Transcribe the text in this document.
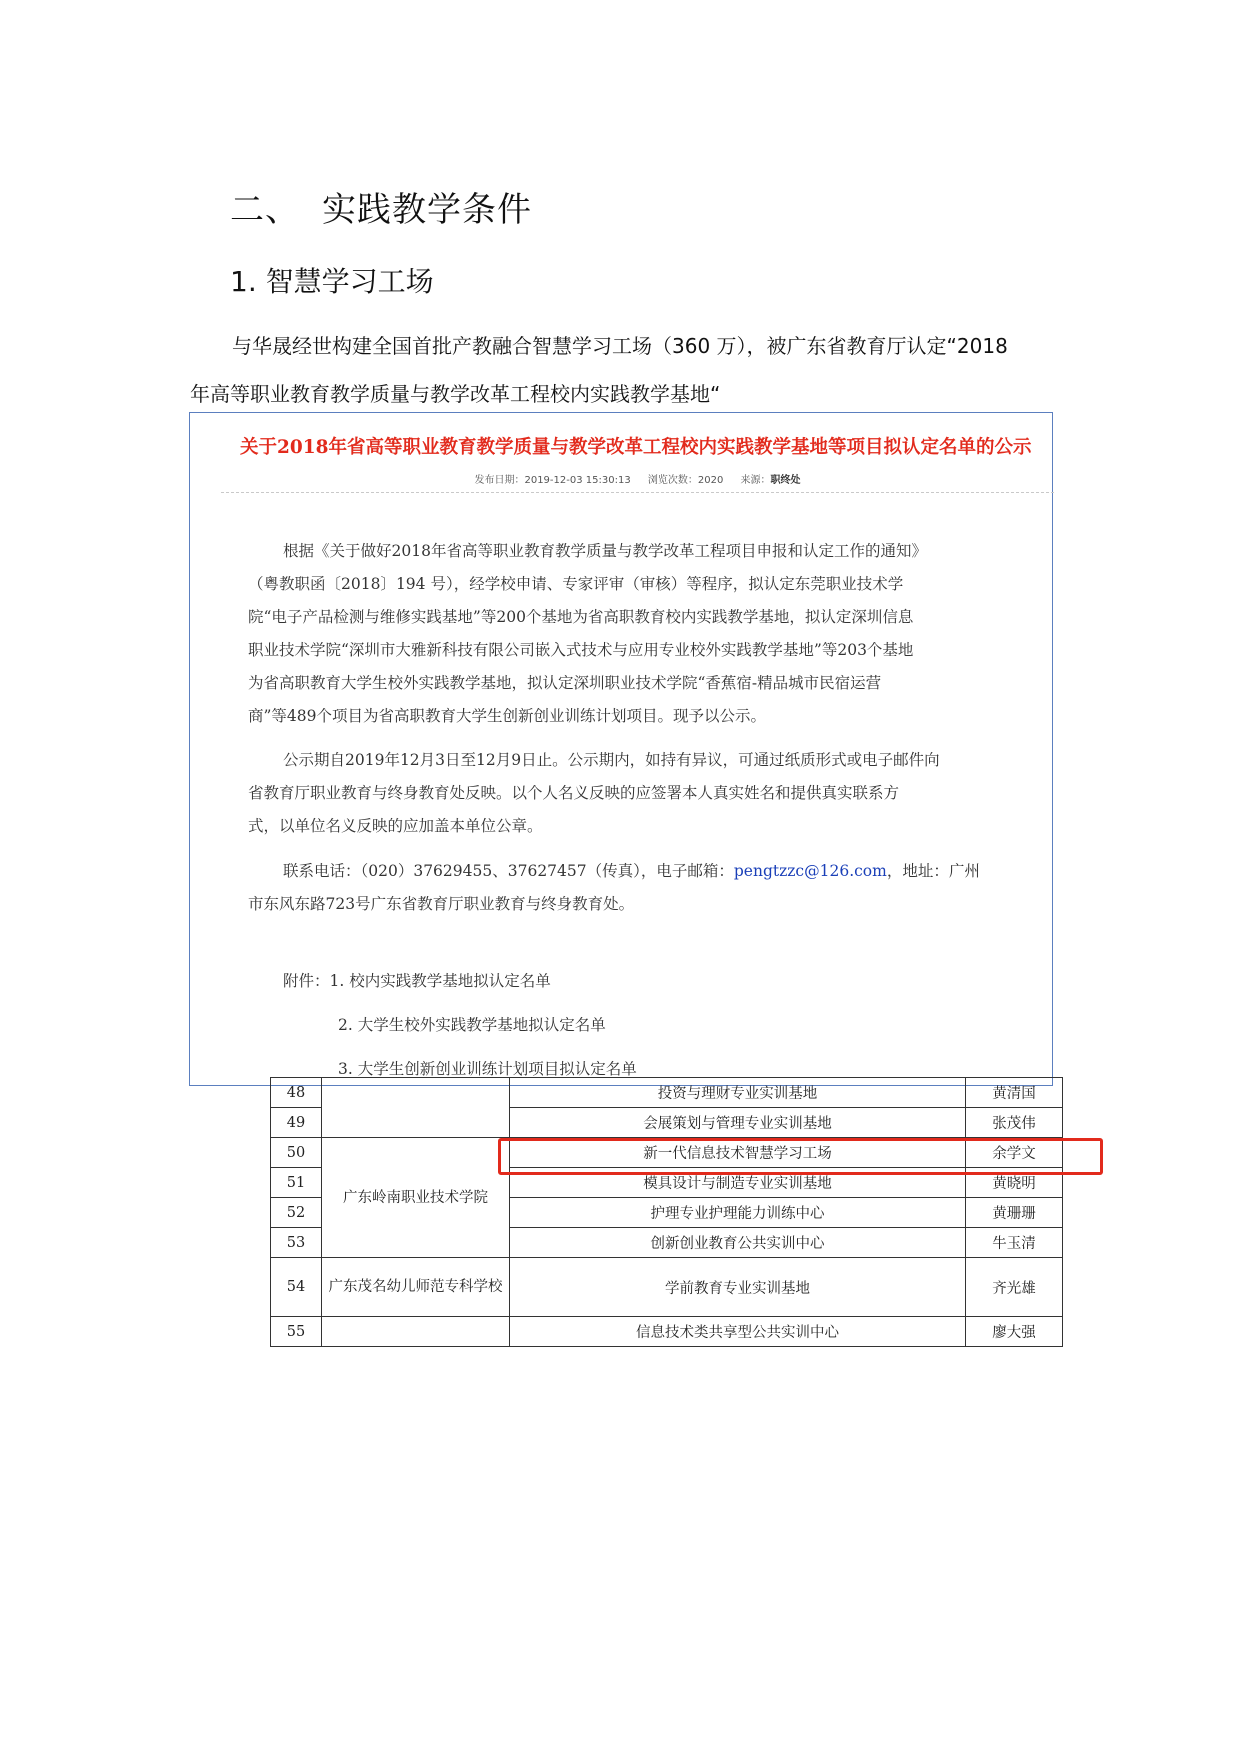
二、 实践教学条件
1. 智慧学习工场
与华晟经世构建全国首批产教融合智慧学习工场（360 万），被广东省教育厅认定“2018
年高等职业教育教学质量与教学改革工程校内实践教学基地“
关于2018年省高等职业教育教学质量与教学改革工程校内实践教学基地等项目拟认定名单的公示
发布日期：2019-12-03 15:30:13 浏览次数：2020 来源：职终处
根据《关于做好2018年省高等职业教育教学质量与教学改革工程项目申报和认定工作的通知》
（粤教职函〔2018〕194 号），经学校申请、专家评审（审核）等程序，拟认定东莞职业技术学
院“电子产品检测与维修实践基地”等200个基地为省高职教育校内实践教学基地，拟认定深圳信息
职业技术学院“深圳市大雅新科技有限公司嵌入式技术与应用专业校外实践教学基地”等203个基地
为省高职教育大学生校外实践教学基地，拟认定深圳职业技术学院“香蕉宿-精品城市民宿运营
商”等489个项目为省高职教育大学生创新创业训练计划项目。现予以公示。
公示期自2019年12月3日至12月9日止。公示期内，如持有异议，可通过纸质形式或电子邮件向
省教育厅职业教育与终身教育处反映。以个人名义反映的应签署本人真实姓名和提供真实联系方
式，以单位名义反映的应加盖本单位公章。
联系电话：（020）37629455、37627457（传真），电子邮箱：pengtzzc@126.com，地址：广州
市东风东路723号广东省教育厅职业教育与终身教育处。
附件：1. 校内实践教学基地拟认定名单
2. 大学生校外实践教学基地拟认定名单
3. 大学生创新创业训练计划项目拟认定名单
48		投资与理财专业实训基地	黄清国
49		会展策划与管理专业实训基地	张茂伟
50	广东岭南职业技术学院	新一代信息技术智慧学习工场	余学文
51		模具设计与制造专业实训基地	黄晓明
52		护理专业护理能力训练中心	黄珊珊
53		创新创业教育公共实训中心	牛玉清
54	广东茂名幼儿师范专科学校	学前教育专业实训基地	齐光雄
55		信息技术类共享型公共实训中心	廖大强
